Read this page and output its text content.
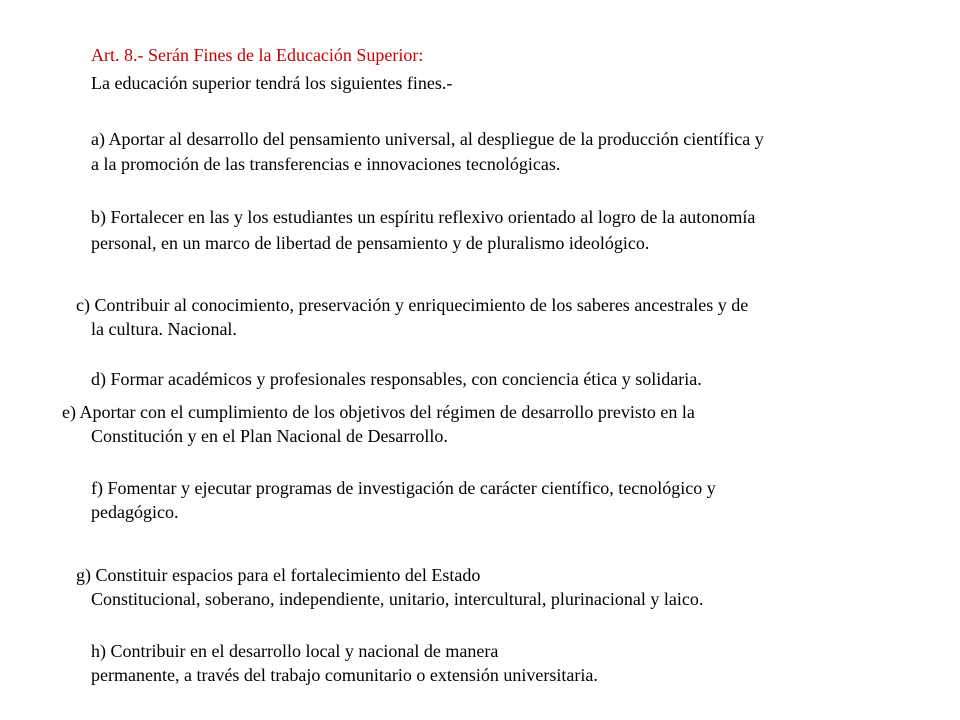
Art. 8.- Serán Fines de la Educación Superior:
La educación superior tendrá los siguientes fines.-
a) Aportar al desarrollo del pensamiento universal, al despliegue de la producción científica y
a la promoción de las transferencias e innovaciones tecnológicas.
b) Fortalecer en las y los estudiantes un espíritu reflexivo orientado al logro de la autonomía
personal, en un marco de libertad de pensamiento y de pluralismo ideológico.
c) Contribuir al conocimiento, preservación y enriquecimiento de los saberes ancestrales y de
la cultura. Nacional.
d) Formar académicos y profesionales responsables, con conciencia ética y solidaria.
e) Aportar con el cumplimiento de los objetivos del régimen de desarrollo previsto en la
Constitución y en el Plan Nacional de Desarrollo.
f) Fomentar y ejecutar programas de investigación de carácter científico, tecnológico y
pedagógico.
g) Constituir espacios para el fortalecimiento del Estado
Constitucional, soberano, independiente, unitario, intercultural, plurinacional y laico.
h) Contribuir en el desarrollo local y nacional de manera
permanente, a través del trabajo comunitario o extensión universitaria.
